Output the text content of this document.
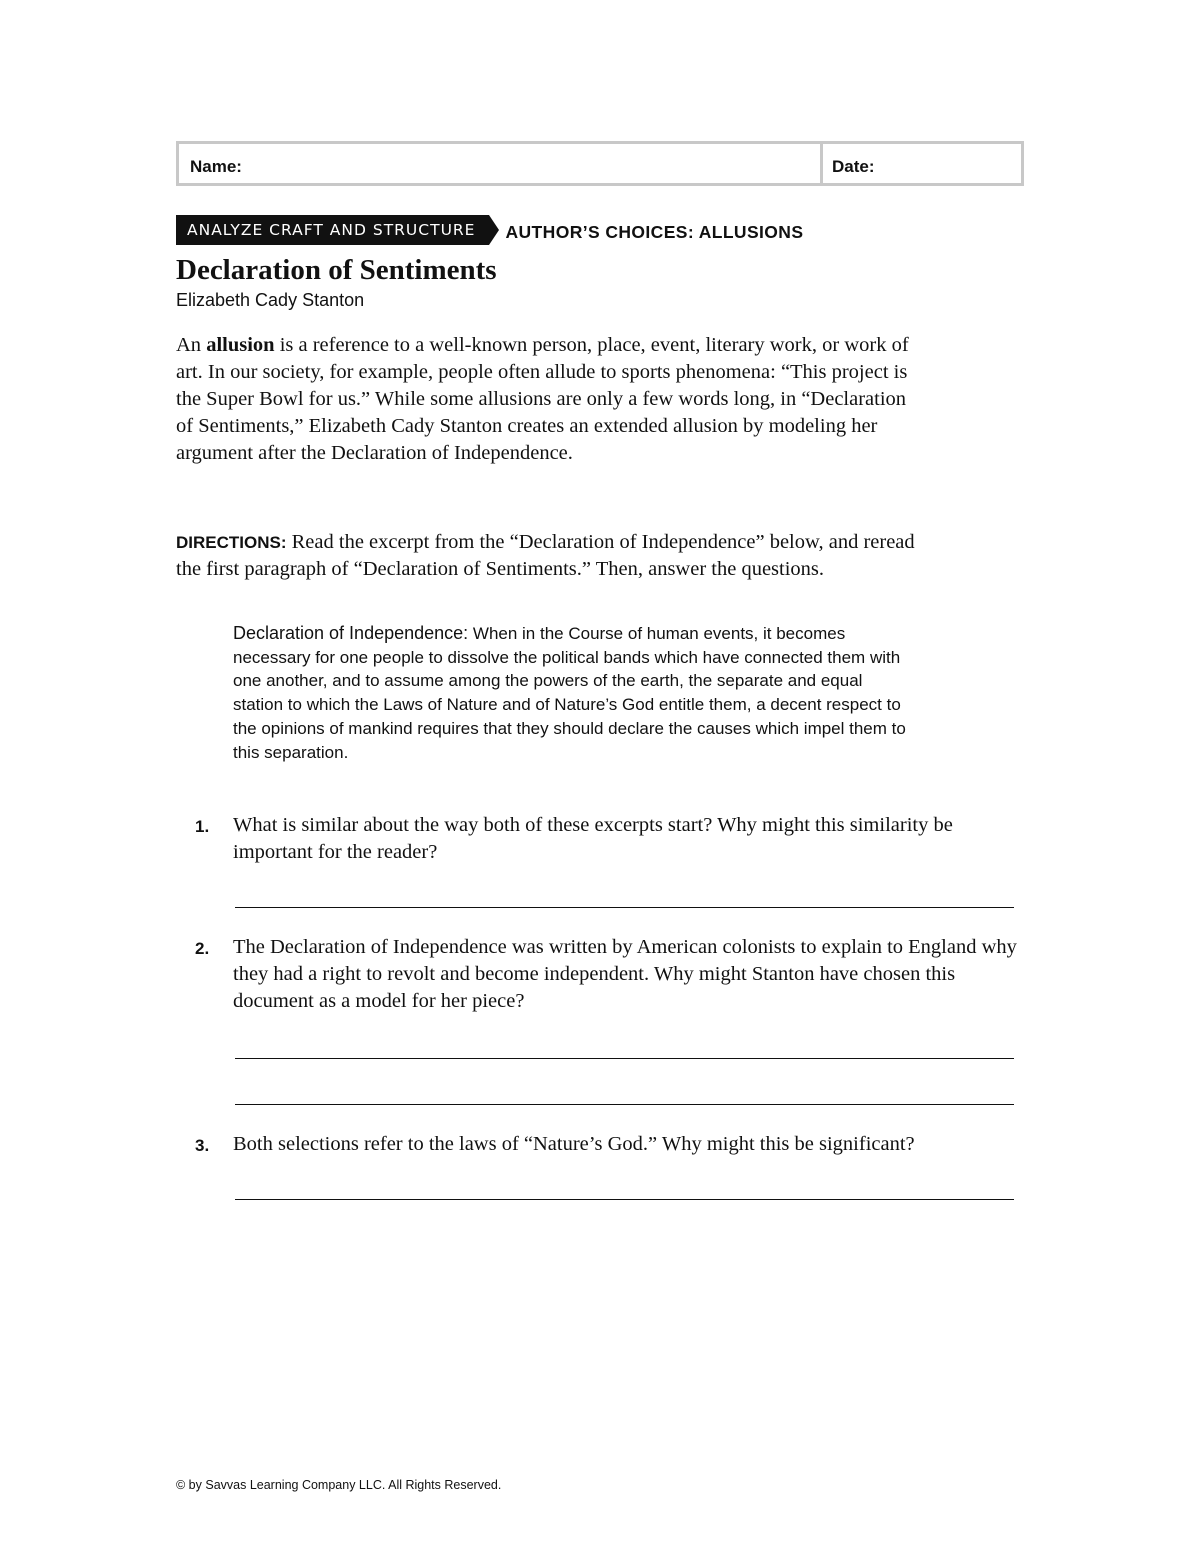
Name:	Date:
ANALYZE CRAFT AND STRUCTURE	AUTHOR’S CHOICES: ALLUSIONS
Declaration of Sentiments
Elizabeth Cady Stanton

An allusion is a reference to a well-known person, place, event, literary work, or work of art. In our society, for example, people often allude to sports phenomena: “This project is the Super Bowl for us.” While some allusions are only a few words long, in “Declaration of Sentiments,” Elizabeth Cady Stanton creates an extended allusion by modeling her argument after the Declaration of Independence.

DIRECTIONS: Read the excerpt from the “Declaration of Independence” below, and reread the first paragraph of “Declaration of Sentiments.” Then, answer the questions.

Declaration of Independence: When in the Course of human events, it becomes necessary for one people to dissolve the political bands which have connected them with one another, and to assume among the powers of the earth, the separate and equal station to which the Laws of Nature and of Nature’s God entitle them, a decent respect to the opinions of mankind requires that they should declare the causes which impel them to this separation.

1. What is similar about the way both of these excerpts start? Why might this similarity be important for the reader?

2. The Declaration of Independence was written by American colonists to explain to England why they had a right to revolt and become independent. Why might Stanton have chosen this document as a model for her piece?

3. Both selections refer to the laws of “Nature’s God.” Why might this be significant?

© by Savvas Learning Company LLC. All Rights Reserved.
